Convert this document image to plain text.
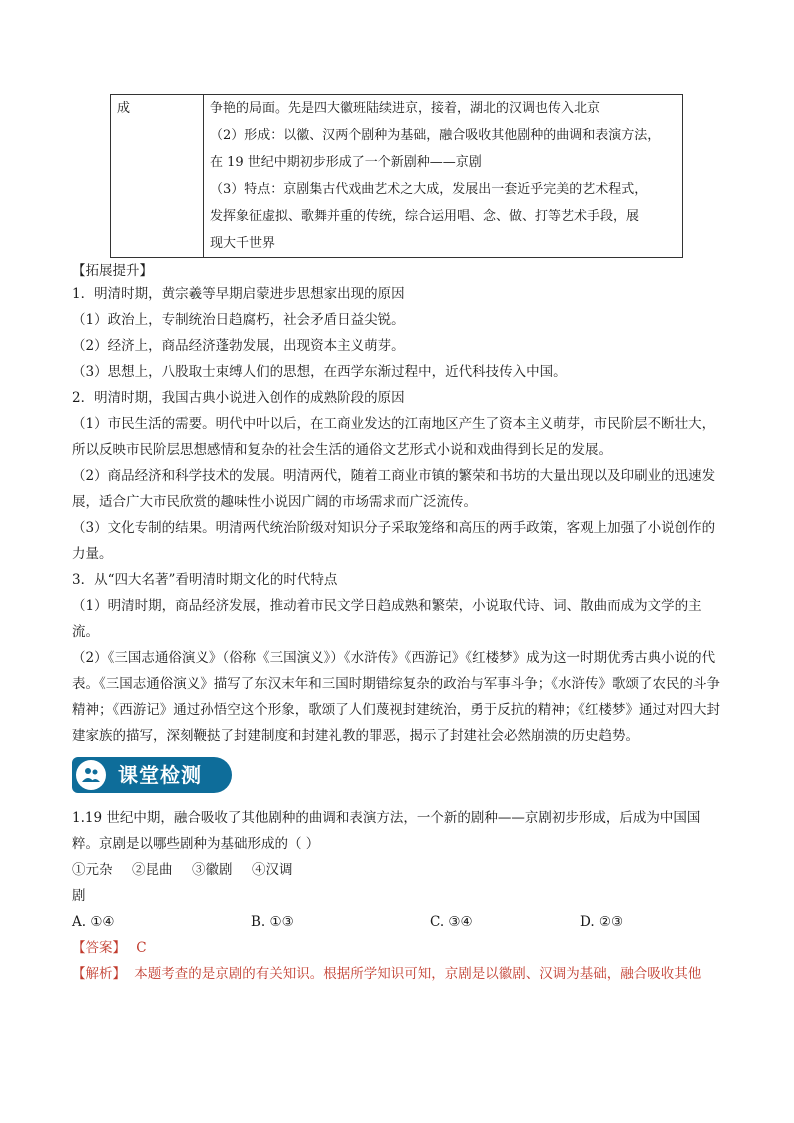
成	争艳的局面。先是四大徽班陆续进京，接着，湖北的汉调也传入北京

（2）形成：以徽、汉两个剧种为基础，融合吸收其他剧种的曲调和表演方法，

在 19 世纪中期初步形成了一个新剧种——京剧

（3）特点：京剧集古代戏曲艺术之大成，发展出一套近乎完美的艺术程式，

发挥象征虚拟、歌舞并重的传统，综合运用唱、念、做、打等艺术手段，展

现大千世界

【拓展提升】

1．明清时期，黄宗羲等早期启蒙进步思想家出现的原因

（1）政治上，专制统治日趋腐朽，社会矛盾日益尖锐。

（2）经济上，商品经济蓬勃发展，出现资本主义萌芽。

（3）思想上，八股取士束缚人们的思想，在西学东渐过程中，近代科技传入中国。

2．明清时期，我国古典小说进入创作的成熟阶段的原因

（1）市民生活的需要。明代中叶以后，在工商业发达的江南地区产生了资本主义萌芽，市民阶层不断壮大，所以反映市民阶层思想感情和复杂的社会生活的通俗文艺形式小说和戏曲得到长足的发展。

（2）商品经济和科学技术的发展。明清两代，随着工商业市镇的繁荣和书坊的大量出现以及印刷业的迅速发展，适合广大市民欣赏的趣味性小说因广阔的市场需求而广泛流传。

（3）文化专制的结果。明清两代统治阶级对知识分子采取笼络和高压的两手政策，客观上加强了小说创作的力量。

3．从“四大名著”看明清时期文化的时代特点

（1）明清时期，商品经济发展，推动着市民文学日趋成熟和繁荣，小说取代诗、词、散曲而成为文学的主流。

（2）《三国志通俗演义》（俗称《三国演义》）《水浒传》《西游记》《红楼梦》成为这一时期优秀古典小说的代表。《三国志通俗演义》描写了东汉末年和三国时期错综复杂的政治与军事斗争；《水浒传》歌颂了农民的斗争精神；《西游记》通过孙悟空这个形象，歌颂了人们蔑视封建统治，勇于反抗的精神；《红楼梦》通过对四大封建家族的描写，深刻鞭挞了封建制度和封建礼教的罪恶，揭示了封建社会必然崩溃的历史趋势。

课堂检测
1.19 世纪中期，融合吸收了其他剧种的曲调和表演方法，一个新的剧种——京剧初步形成，后成为中国国粹。京剧是以哪些剧种为基础形成的（ ）
①元杂剧
②昆曲	③徽剧	④汉调
A. ①④	B. ①③	C. ③④	D. ②③
【答案】 C
【解析】 本题考查的是京剧的有关知识。根据所学知识可知，京剧是以徽剧、汉调为基础，融合吸收其他
